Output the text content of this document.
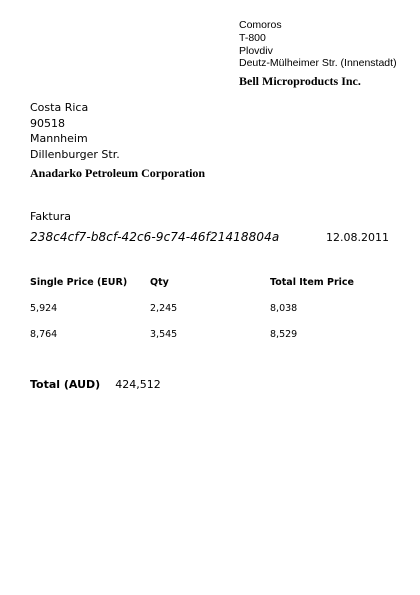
Comoros
T-800
Plovdiv
Deutz-Mülheimer Str. (Innenstadt)
Bell Microproducts Inc.
Costa Rica
90518
Mannheim
Dillenburger Str.
Anadarko Petroleum Corporation
Faktura
238c4cf7-b8cf-42c6-9c74-46f21418804a	12.08.2011
Single Price (EUR)	Qty	Total Item Price
5,924	2,245	8,038
8,764	3,545	8,529
Total (AUD) 424,512
